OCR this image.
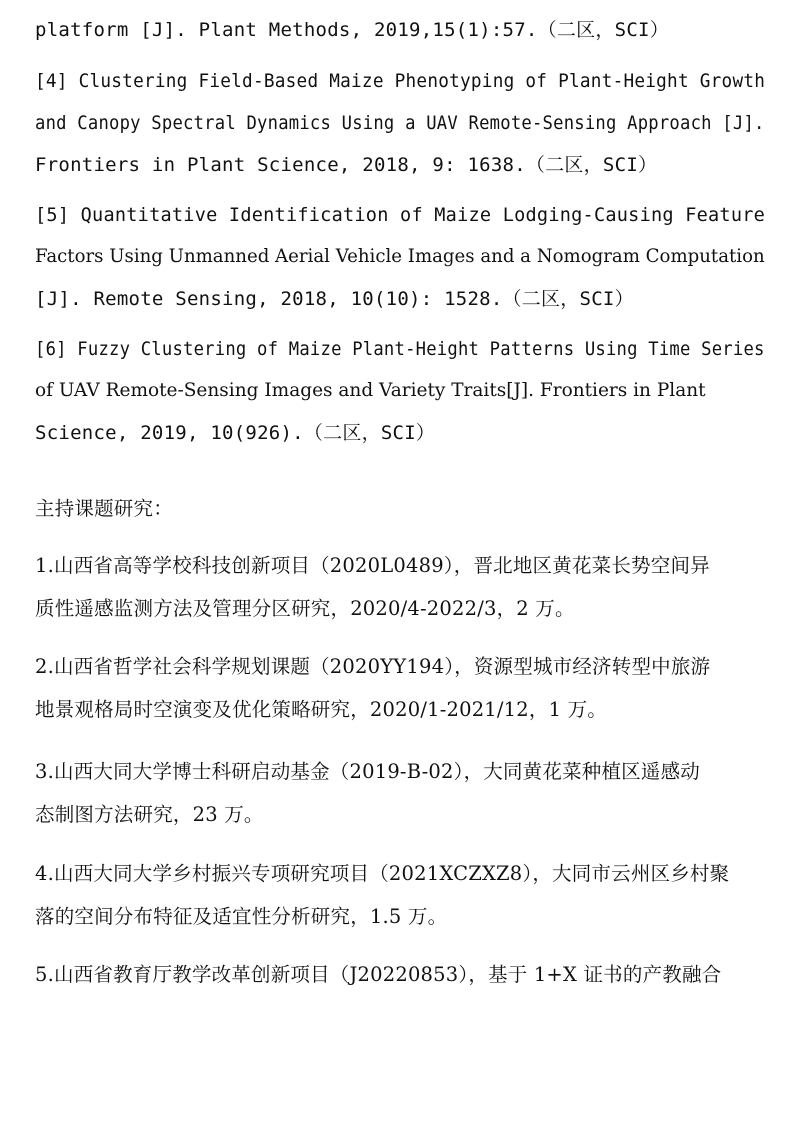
platform [J]. Plant Methods, 2019,15(1):57.（二区，SCI）
[4] Clustering Field-Based Maize Phenotyping of Plant-Height Growth
and Canopy Spectral Dynamics Using a UAV Remote-Sensing Approach [J].
Frontiers in Plant Science, 2018, 9: 1638.（二区，SCI）
[5] Quantitative Identification of Maize Lodging-Causing Feature
Factors Using Unmanned Aerial Vehicle Images and a Nomogram Computation
[J]. Remote Sensing, 2018, 10(10): 1528.（二区，SCI）
[6] Fuzzy Clustering of Maize Plant-Height Patterns Using Time Series
of UAV Remote-Sensing Images and Variety Traits[J]. Frontiers in Plant
Science, 2019, 10(926).（二区，SCI）
主持课题研究：
1.山西省高等学校科技创新项目（2020L0489），晋北地区黄花菜长势空间异
质性遥感监测方法及管理分区研究，2020/4-2022/3，2 万。
2.山西省哲学社会科学规划课题（2020YY194），资源型城市经济转型中旅游
地景观格局时空演变及优化策略研究，2020/1-2021/12，1 万。
3.山西大同大学博士科研启动基金（2019-B-02），大同黄花菜种植区遥感动
态制图方法研究，23 万。
4.山西大同大学乡村振兴专项研究项目（2021XCZXZ8），大同市云州区乡村聚
落的空间分布特征及适宜性分析研究，1.5 万。
5.山西省教育厅教学改革创新项目（J20220853），基于 1+X 证书的产教融合
